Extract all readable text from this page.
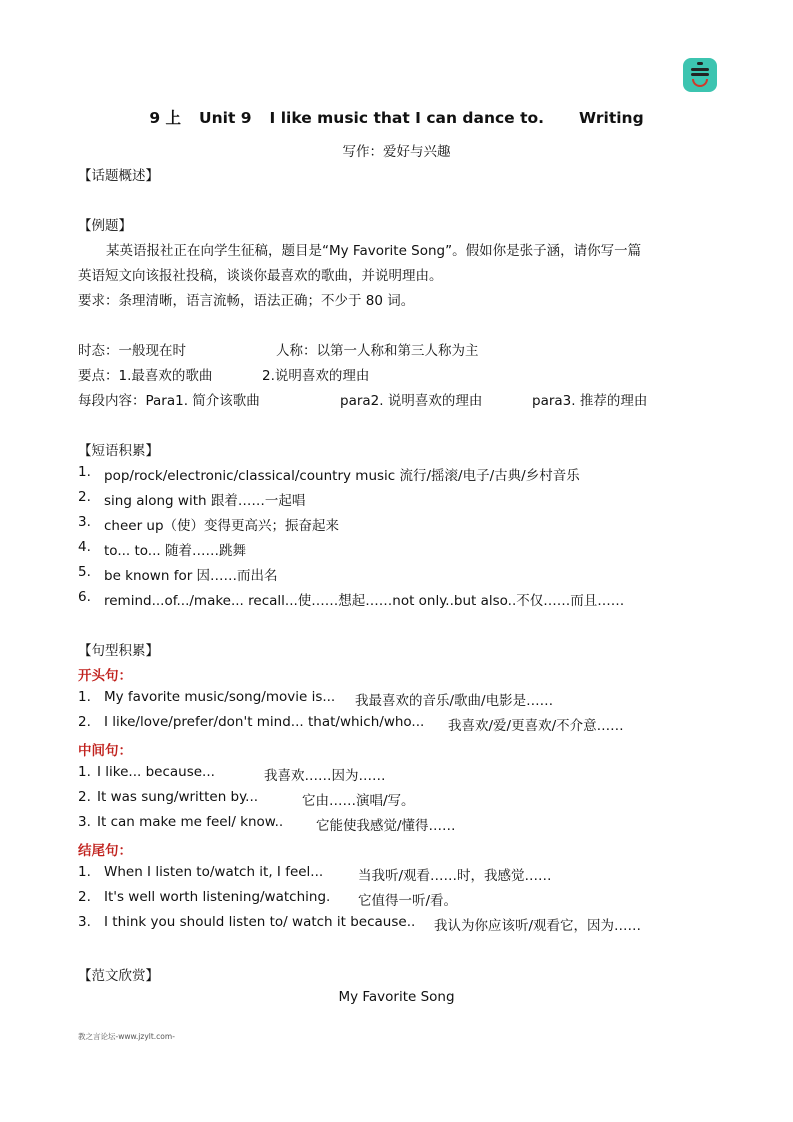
9 上 Unit 9 I like music that I can dance to. Writing
写作：爱好与兴趣
【话题概述】
【例题】
某英语报社正在向学生征稿，题目是“My Favorite Song”。假如你是张子涵，请你写一篇
英语短文向该报社投稿，谈谈你最喜欢的歌曲，并说明理由。
要求：条理清晰，语言流畅，语法正确；不少于 80 词。
时态：一般现在时	人称：以第一人称和第三人称为主
要点：1.最喜欢的歌曲	2.说明喜欢的理由
每段内容：Para1. 简介该歌曲	para2. 说明喜欢的理由	para3. 推荐的理由
【短语积累】
1. pop/rock/electronic/classical/country music 流行/摇滚/电子/古典/乡村音乐
2. sing along with 跟着……一起唱
3. cheer up（使）变得更高兴；振奋起来
4. to... to... 随着……跳舞
5. be known for 因……而出名
6. remind...of.../make... recall...使……想起……not only..but also..不仅……而且……
【句型积累】
开头句：
1. My favorite music/song/movie is... 我最喜欢的音乐/歌曲/电影是……
2. I like/love/prefer/don't mind... that/which/who... 我喜欢/爱/更喜欢/不介意……
中间句：
1. I like... because...	我喜欢……因为……
2. It was sung/written by...	它由……演唱/写。
3. It can make me feel/ know.. 它能使我感觉/懂得……
结尾句：
1. When I listen to/watch it, I feel...	当我听/观看……时，我感觉……
2. It's well worth listening/watching. 它值得一听/看。
3. I think you should listen to/ watch it because.. 我认为你应该听/观看它，因为……
【范文欣赏】
My Favorite Song
教之言论坛-www.jzylt.com-
